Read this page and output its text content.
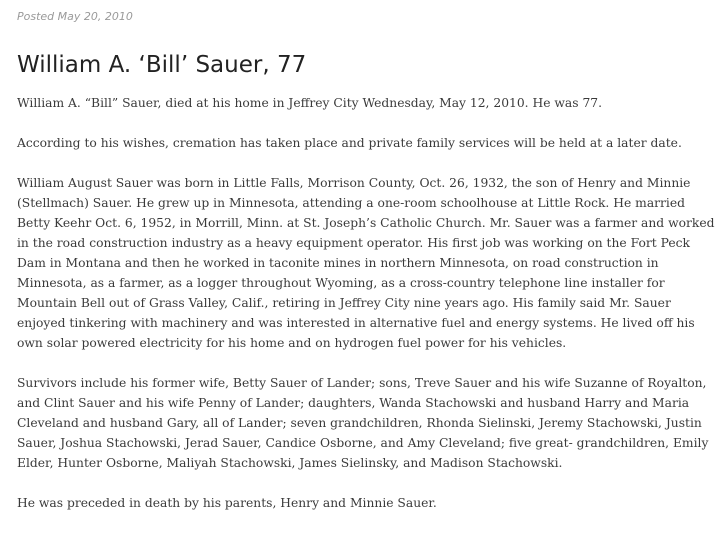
Posted May 20, 2010
William A. ‘Bill’ Sauer, 77

William A. “Bill” Sauer, died at his home in Jeffrey City Wednesday, May 12, 2010. He was 77.

According to his wishes, cremation has taken place and private family services will be held at a later date.

William August Sauer was born in Little Falls, Morrison County, Oct. 26, 1932, the son of Henry and Minnie (Stellmach) Sauer. He grew up in Minnesota, attending a one-room schoolhouse at Little Rock. He married Betty Keehr Oct. 6, 1952, in Morrill, Minn. at St. Joseph’s Catholic Church. Mr. Sauer was a farmer and worked in the road construction industry as a heavy equipment operator. His first job was working on the Fort Peck Dam in Montana and then he worked in taconite mines in northern Minnesota, on road construction in Minnesota, as a farmer, as a logger throughout Wyoming, as a cross-country telephone line installer for Mountain Bell out of Grass Valley, Calif., retiring in Jeffrey City nine years ago. His family said Mr. Sauer enjoyed tinkering with machinery and was interested in alternative fuel and energy systems. He lived off his own solar powered electricity for his home and on hydrogen fuel power for his vehicles.

Survivors include his former wife, Betty Sauer of Lander; sons, Treve Sauer and his wife Suzanne of Royalton, and Clint Sauer and his wife Penny of Lander; daughters, Wanda Stachowski and husband Harry and Maria Cleveland and husband Gary, all of Lander; seven grandchildren, Rhonda Sielinski, Jeremy Stachowski, Justin Sauer, Joshua Stachowski, Jerad Sauer, Candice Osborne, and Amy Cleveland; five great- grandchildren, Emily Elder, Hunter Osborne, Maliyah Stachowski, James Sielinsky, and Madison Stachowski.

He was preceded in death by his parents, Henry and Minnie Sauer.
